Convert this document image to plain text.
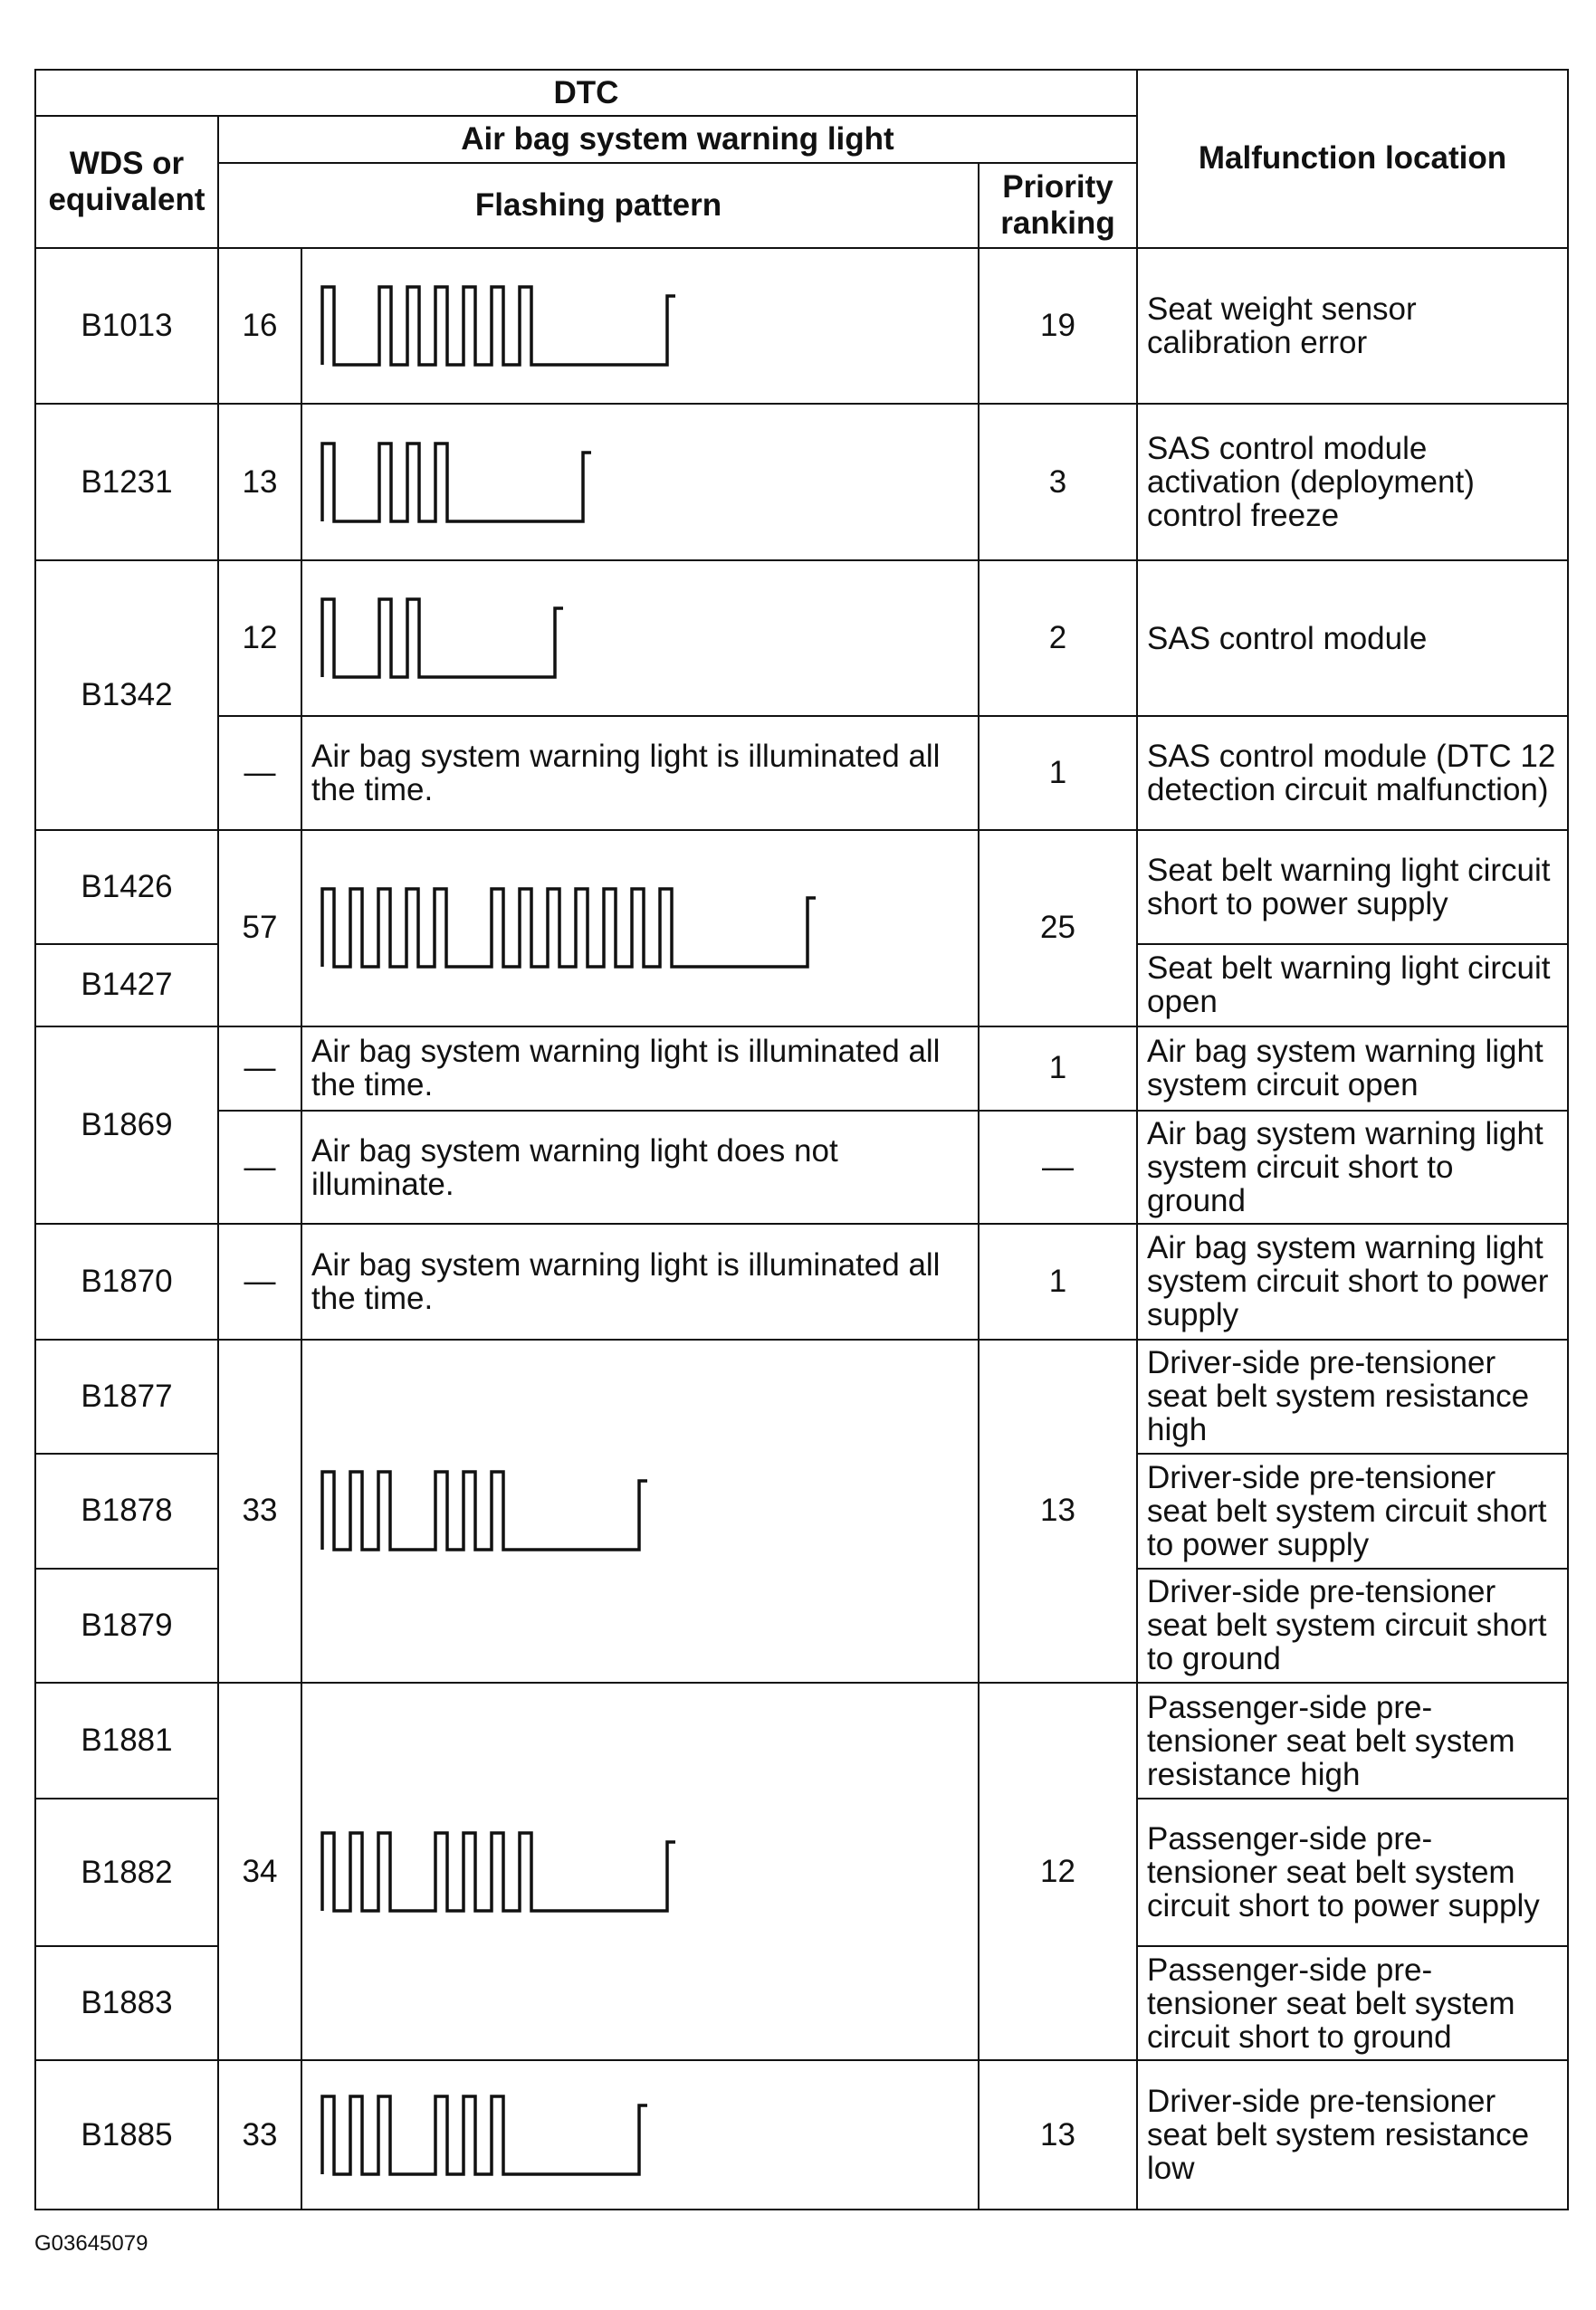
DTC				Malfunction location
WDS or equivalent	Air bag system warning light			
	Flashing pattern		Priority ranking	
B1013	16		19	Seat weight sensor calibration error
B1231	13		3	SAS control module activation (deployment) control freeze
B1342	12		2	SAS control module
	—	Air bag system warning light is illuminated all the time.	1	SAS control module (DTC 12 detection circuit malfunction)
B1426	57		25	Seat belt warning light circuit short to power supply
B1427				Seat belt warning light circuit open
B1869	—	Air bag system warning light is illuminated all the time.	1	Air bag system warning light system circuit open
	—	Air bag system warning light does not illuminate.	—	Air bag system warning light system circuit short to ground
B1870	—	Air bag system warning light is illuminated all the time.	1	Air bag system warning light system circuit short to power supply
B1877	33		13	Driver-side pre-tensioner seat belt system resistance high
B1878				Driver-side pre-tensioner seat belt system circuit short to power supply
B1879				Driver-side pre-tensioner seat belt system circuit short to ground
B1881	34		12	Passenger-side pre-tensioner seat belt system resistance high
B1882				Passenger-side pre-tensioner seat belt system circuit short to power supply
B1883				Passenger-side pre-tensioner seat belt system circuit short to ground
B1885	33		13	Driver-side pre-tensioner seat belt system resistance low
G03645079
